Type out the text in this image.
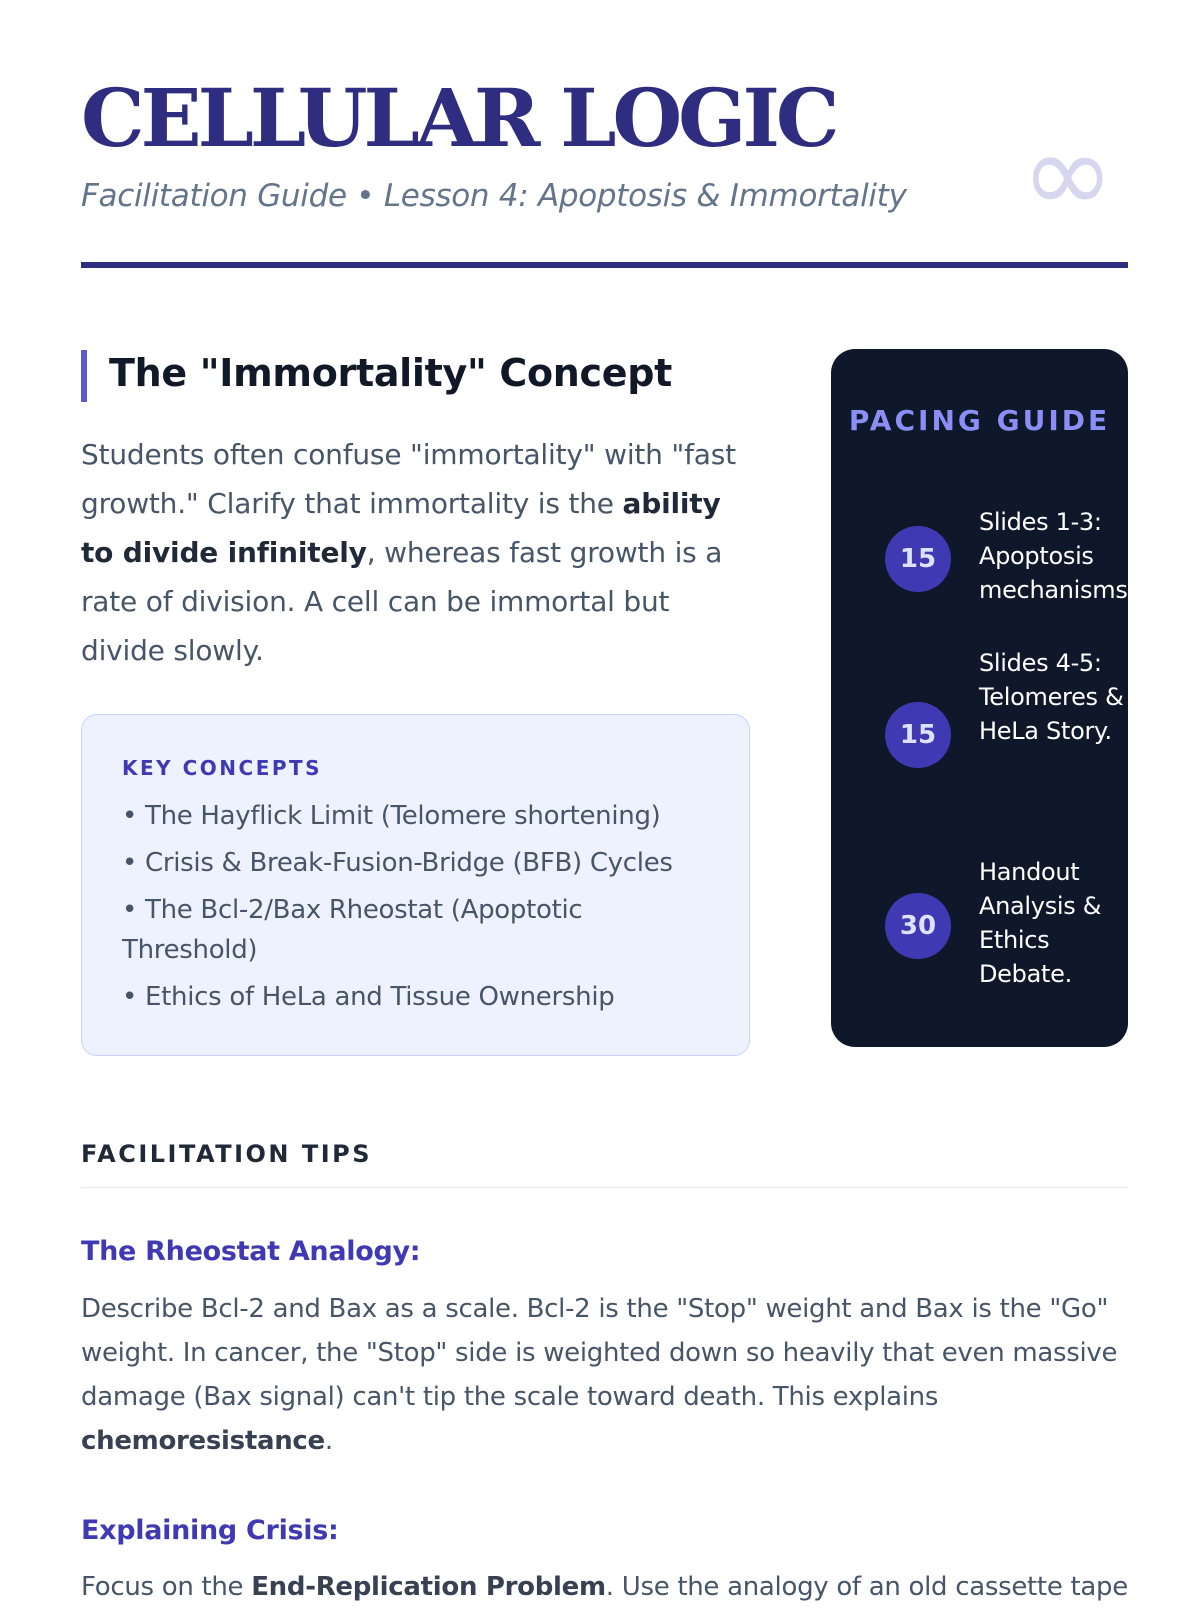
CELLULAR LOGIC
Facilitation Guide • Lesson 4: Apoptosis & Immortality ∞
The "Immortality" Concept

Students often confuse "immortality" with "fast growth." Clarify that immortality is the ability to divide infinitely, whereas fast growth is a rate of division. A cell can be immortal but divide slowly.

KEY CONCEPTS
• The Hayflick Limit (Telomere shortening)
• Crisis & Break-Fusion-Bridge (BFB) Cycles
• The Bcl-2/Bax Rheostat (Apoptotic Threshold)
• Ethics of HeLa and Tissue Ownership
PACING GUIDE
15
Slides 1-3: Apoptosis mechanisms.
15
Slides 4-5: Telomeres & HeLa Story.
30
Handout Analysis & Ethics Debate.
FACILITATION TIPS
The Rheostat Analogy:

Describe Bcl-2 and Bax as a scale. Bcl-2 is the "Stop" weight and Bax is the "Go" weight. In cancer, the "Stop" side is weighted down so heavily that even massive damage (Bax signal) can't tip the scale toward death. This explains chemoresistance.

Explaining Crisis:

Focus on the End-Replication Problem. Use the analogy of an old cassette tape
